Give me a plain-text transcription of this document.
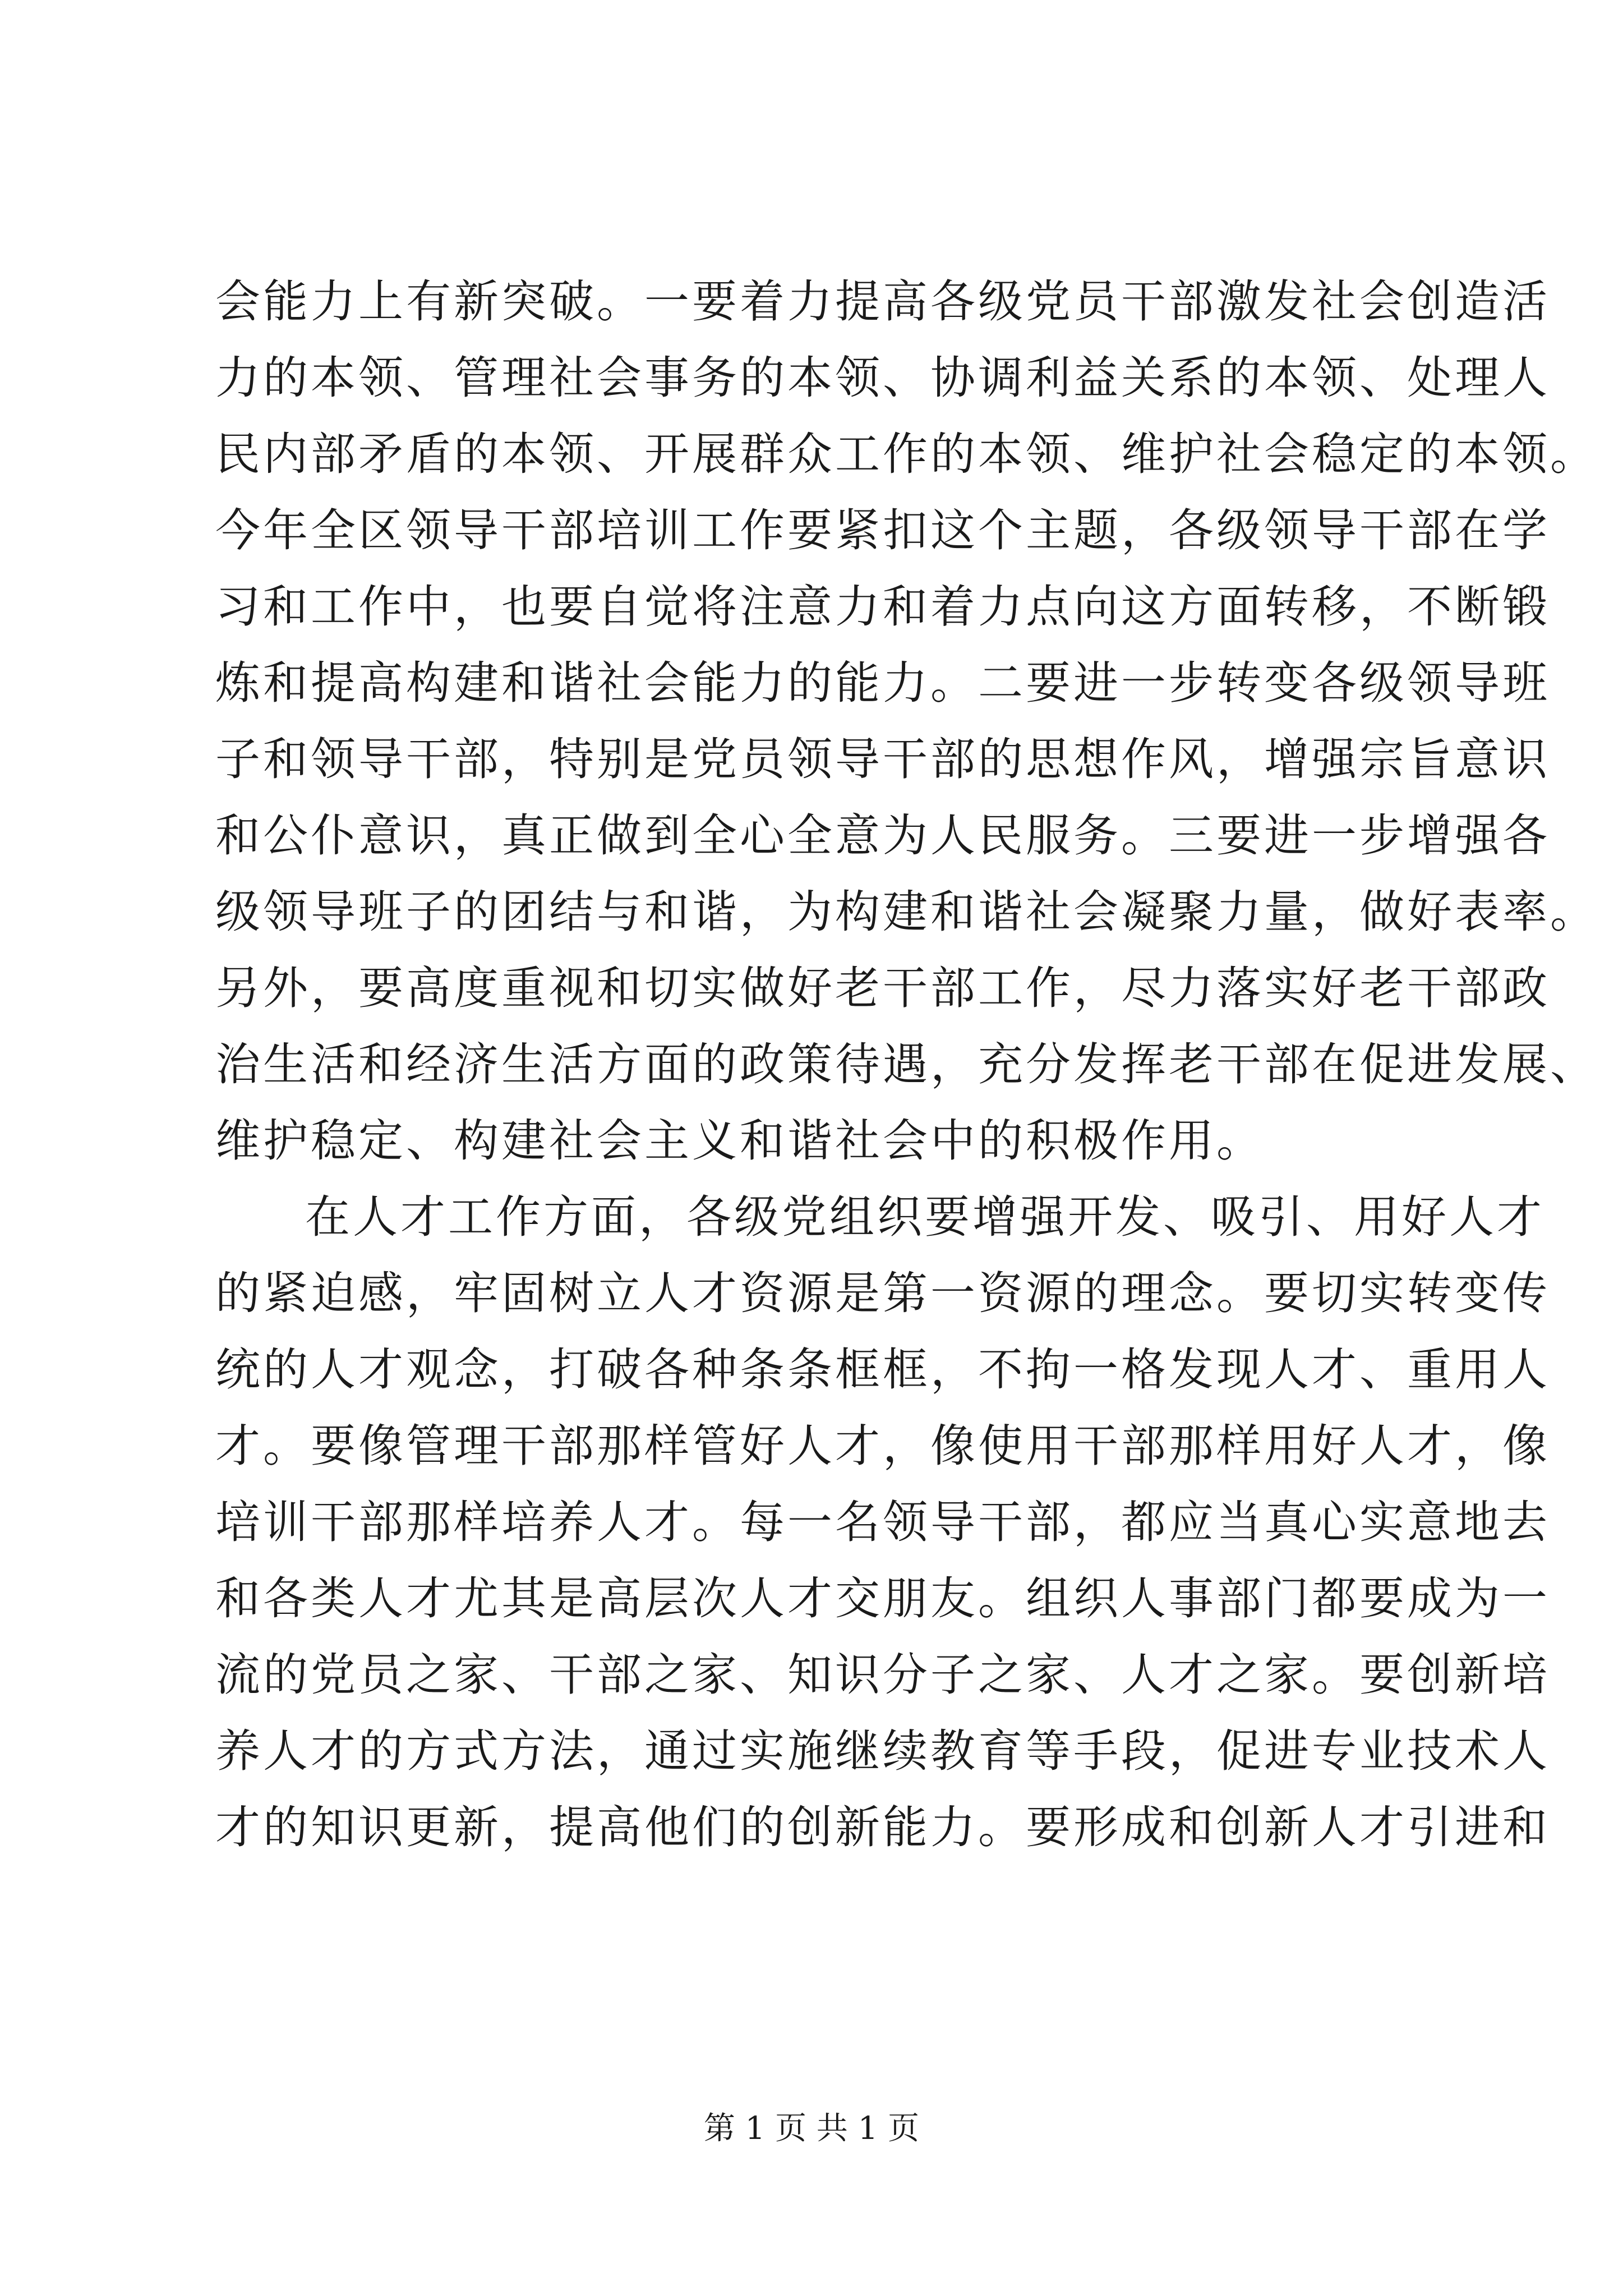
会能力上有新突破。一要着力提高各级党员干部激发社会创造活
力的本领、管理社会事务的本领、协调利益关系的本领、处理人
民内部矛盾的本领、开展群众工作的本领、维护社会稳定的本领。
今年全区领导干部培训工作要紧扣这个主题，各级领导干部在学
习和工作中，也要自觉将注意力和着力点向这方面转移，不断锻
炼和提高构建和谐社会能力的能力。二要进一步转变各级领导班
子和领导干部，特别是党员领导干部的思想作风，增强宗旨意识
和公仆意识，真正做到全心全意为人民服务。三要进一步增强各
级领导班子的团结与和谐，为构建和谐社会凝聚力量，做好表率。
另外，要高度重视和切实做好老干部工作，尽力落实好老干部政
治生活和经济生活方面的政策待遇，充分发挥老干部在促进发展、
维护稳定、构建社会主义和谐社会中的积极作用。
在人才工作方面，各级党组织要增强开发、吸引、用好人才
的紧迫感，牢固树立人才资源是第一资源的理念。要切实转变传
统的人才观念，打破各种条条框框，不拘一格发现人才、重用人
才。要像管理干部那样管好人才，像使用干部那样用好人才，像
培训干部那样培养人才。每一名领导干部，都应当真心实意地去
和各类人才尤其是高层次人才交朋友。组织人事部门都要成为一
流的党员之家、干部之家、知识分子之家、人才之家。要创新培
养人才的方式方法，通过实施继续教育等手段，促进专业技术人
才的知识更新，提高他们的创新能力。要形成和创新人才引进和
第 1 页 共 1 页
